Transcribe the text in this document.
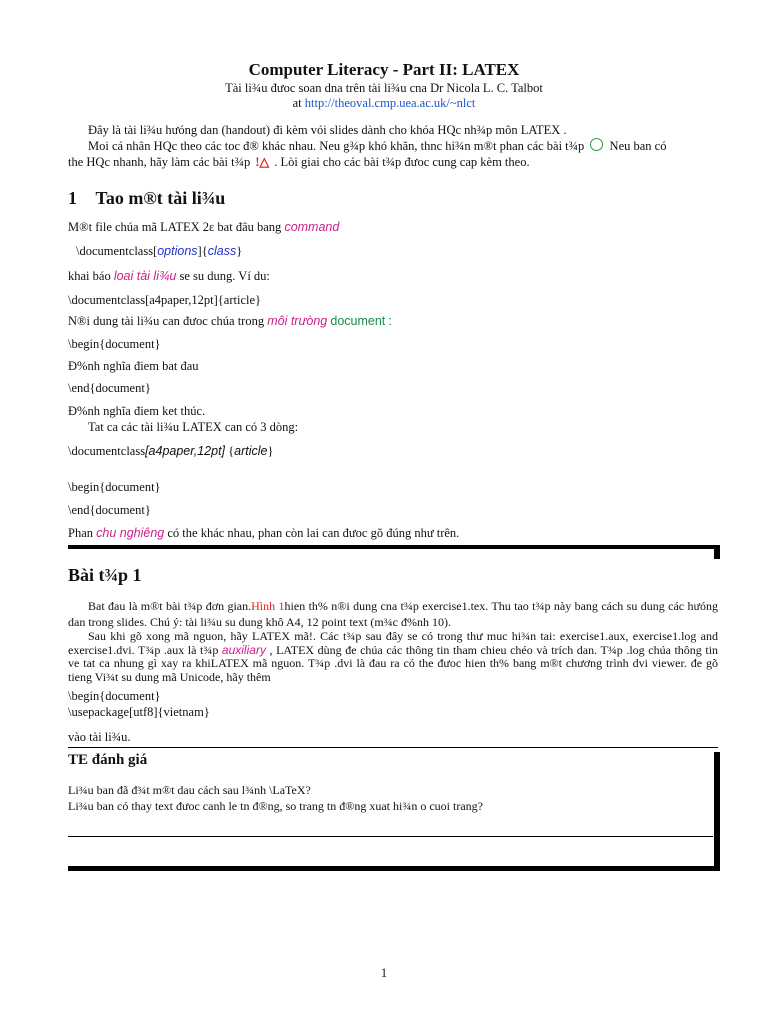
Computer Literacy - Part II: LATEX
Tài li¾u đưoc soan dna trên tài li¾u cna Dr Nicola L. C. Talbot
at http://theoval.cmp.uea.ac.uk/~nlct
Đây là tài li¾u hưóng dan (handout) đi kèm vói slides dành cho khóa HQc nh¾p môn LATEX .
Moi cá nhân HQc theo các toc đ® khác nhau. Neu g¾p khó khăn, thnc hi¾n m®t phan các bài t¾p Neu ban có
the HQc nhanh, hãy làm các bài t¾p !△ . Lòi giai cho các bài t¾p đưoc cung cap kèm theo.
1 Tao m®t tài li¾u
M®t file chúa mã LATEX 2ε bat đâu bang command
\documentclass[options]{class}
khai báo loai tài li¾u se su dung. Ví du:
\documentclass[a4paper,12pt]{article}
N®i dung tài li¾u can đưoc chúa trong môi trưòng document :
\begin{document}
Đ%nh nghĩa điem bat đau
\end{document}
Đ%nh nghĩa điem ket thúc.
Tat ca các tài li¾u LATEX can có 3 dòng:
\documentclass[a4paper,12pt] {article}
\begin{document}
\end{document}
Phan chu nghiêng có the khác nhau, phan còn lai can đưoc gõ đúng như trên.
Bài t¾p 1
Bat đau là m®t bài t¾p đơn gian.Hình 1hien th% n®i dung cna t¾p exercise1.tex. Thu tao t¾p này bang cách su dung các hưóng dan trong slides. Chú ý: tài li¾u su dung khô A4, 12 point text (m¾c đ%nh 10).
Sau khi gõ xong mã nguon, hãy LATEX mã!. Các t¾p sau đây se có trong thư muc hi¾n tai: exercise1.aux, exercise1.log and exercise1.dvi. T¾p .aux là t¾p auxiliary , LATEX dùng đe chúa các thông tin tham chieu chéo và trích dan. T¾p .log chúa thông tin ve tat ca nhung gì xay ra khiLATEX mã nguon. T¾p .dvi là đau ra có the đưoc hien th% bang m®t chương trình dvi viewer. đe gõ tieng Vi¾t su dung mã Unicode, hãy thêm
\begin{document}
\usepackage[utf8]{vietnam}
vào tài li¾u.
TE đánh giá
Li¾u ban đã đ¾t m®t dau cách sau l¾nh \LaTeX?
Li¾u ban có thay text đưoc canh le tn đ®ng, so trang tn đ®ng xuat hi¾n o cuoi trang?
1
